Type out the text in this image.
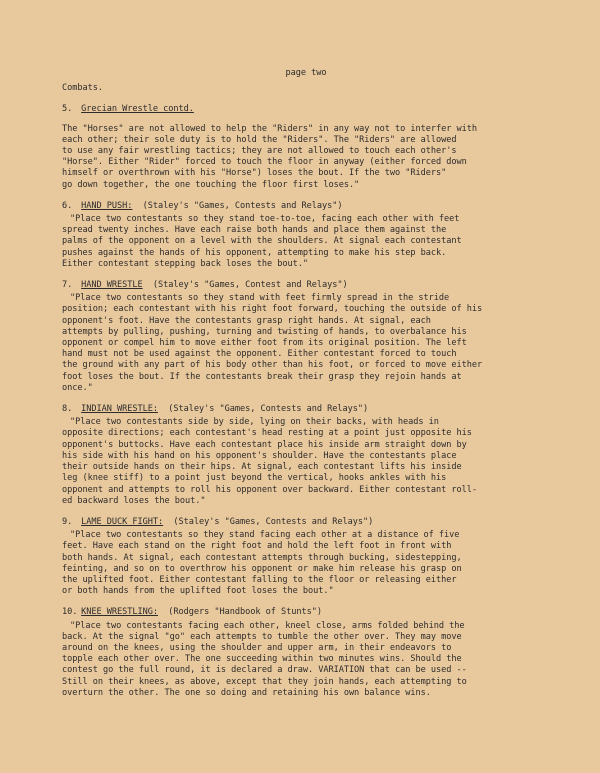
page two
Combats.
5. Grecian Wrestle contd.
The "Horses" are not allowed to help the "Riders" in any way not to interfer with
each other; their sole duty is to hold the "Riders". The "Riders" are allowed
to use any fair wrestling tactics; they are not allowed to touch each other's
"Horse". Either "Rider" forced to touch the floor in anyway (either forced down
himself or overthrown with his "Horse") loses the bout. If the two "Riders"
go down together, the one touching the floor first loses."
6. HAND PUSH: (Staley's "Games, Contests and Relays")
"Place two contestants so they stand toe-to-toe, facing each other with feet
spread twenty inches. Have each raise both hands and place them against the
palms of the opponent on a level with the shoulders. At signal each contestant
pushes against the hands of his opponent, attempting to make his step back.
Either contestant stepping back loses the bout."
7. HAND WRESTLE (Staley's "Games, Contest and Relays")
"Place two contestants so they stand with feet firmly spread in the stride
position; each contestant with his right foot forward, touching the outside of his
opponent's foot. Have the contestants grasp right hands. At signal, each
attempts by pulling, pushing, turning and twisting of hands, to overbalance his
opponent or compel him to move either foot from its original position. The left
hand must not be used against the opponent. Either contestant forced to touch
the ground with any part of his body other than his foot, or forced to move either
foot loses the bout. If the contestants break their grasp they rejoin hands at
once."
8. INDIAN WRESTLE: (Staley's "Games, Contests and Relays")
"Place two contestants side by side, lying on their backs, with heads in
opposite directions; each contestant's head resting at a point just opposite his
opponent's buttocks. Have each contestant place his inside arm straight down by
his side with his hand on his opponent's shoulder. Have the contestants place
their outside hands on their hips. At signal, each contestant lifts his inside
leg (knee stiff) to a point just beyond the vertical, hooks ankles with his
opponent and attempts to roll his opponent over backward. Either contestant roll-
ed backward loses the bout."
9. LAME DUCK FIGHT: (Staley's "Games, Contests and Relays")
"Place two contestants so they stand facing each other at a distance of five
feet. Have each stand on the right foot and hold the left foot in front with
both hands. At signal, each contestant attempts through bucking, sidestepping,
feinting, and so on to overthrow his opponent or make him release his grasp on
the uplifted foot. Either contestant falling to the floor or releasing either
or both hands from the uplifted foot loses the bout."
10. KNEE WRESTLING: (Rodgers "Handbook of Stunts")
"Place two contestants facing each other, kneel close, arms folded behind the
back. At the signal "go" each attempts to tumble the other over. They may move
around on the knees, using the shoulder and upper arm, in their endeavors to
topple each other over. The one succeeding within two minutes wins. Should the
contest go the full round, it is declared a draw. VARIATION that can be used --
Still on their knees, as above, except that they join hands, each attempting to
overturn the other. The one so doing and retaining his own balance wins.
